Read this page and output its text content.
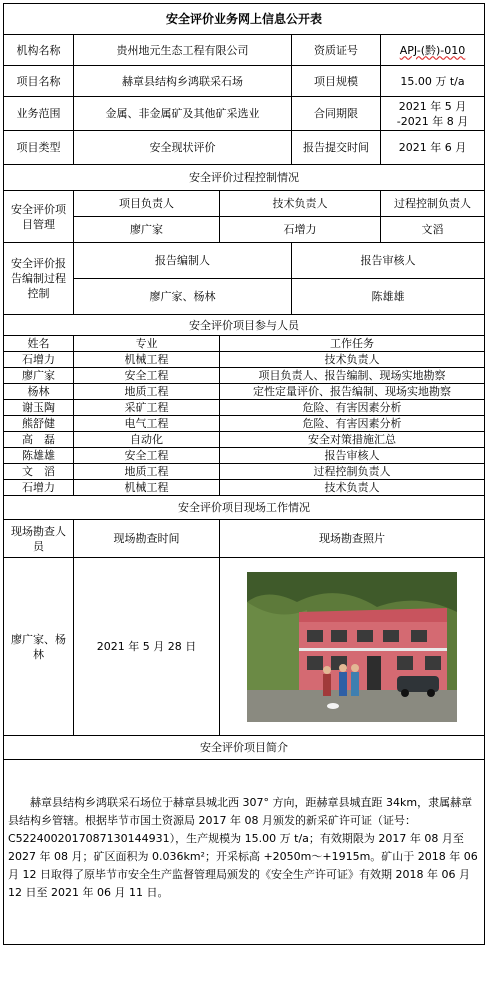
安全评价业务网上信息公开表				
机构名称	贵州地元生态工程有限公司		资质证号	APJ-(黔)-010
项目名称	赫章县结构乡鸿联采石场		项目规模	15.00 万 t/a
业务范围	金属、非金属矿及其他矿采选业		合同期限	2021 年 5 月 -2021 年 8 月
项目类型	安全现状评价		报告提交时间	2021 年 6 月
安全评价过程控制情况				
安全评价项目管理	项目负责人	技术负责人		过程控制负责人
	廖广家	石增力		文滔
安全评价报告编制过程控制	报告编制人		报告审核人	
	廖广家、杨林		陈雄雄	
安全评价项目参与人员				
姓名	专业	工作任务		
石增力	机械工程	技术负责人		
廖广家	安全工程	项目负责人、报告编制、现场实地勘察		
杨林	地质工程	定性定量评价、报告编制、现场实地勘察		
谢玉陶	采矿工程	危险、有害因素分析		
熊舒健	电气工程	危险、有害因素分析		
高　磊	自动化	安全对策措施汇总		
陈雄雄	安全工程	报告审核人		
文　滔	地质工程	过程控制负责人		
石增力	机械工程	技术负责人		
安全评价项目现场工作情况				
现场勘查人员	现场勘查时间	现场勘查照片		
廖广家、杨林	2021 年 5 月 28 日	

安全评价项目简介				
赫章县结构乡鸿联采石场位于赫章县城北西 307° 方向，距赫章县城直距 34km，隶属赫章县结构乡管辖。根据毕节市国土资源局 2017 年 08 月颁发的新采矿许可证（证号：C5224002017087130144931），生产规模为 15.00 万 t/a；有效期限为 2017 年 08 月至 2027 年 08 月；矿区面积为 0.036km²；开采标高 +2050m～+1915m。矿山于 2018 年 06 月 12 日取得了原毕节市安全生产监督管理局颁发的《安全生产许可证》有效期 2018 年 06 月 12 日至 2021 年 06 月 11 日。				
